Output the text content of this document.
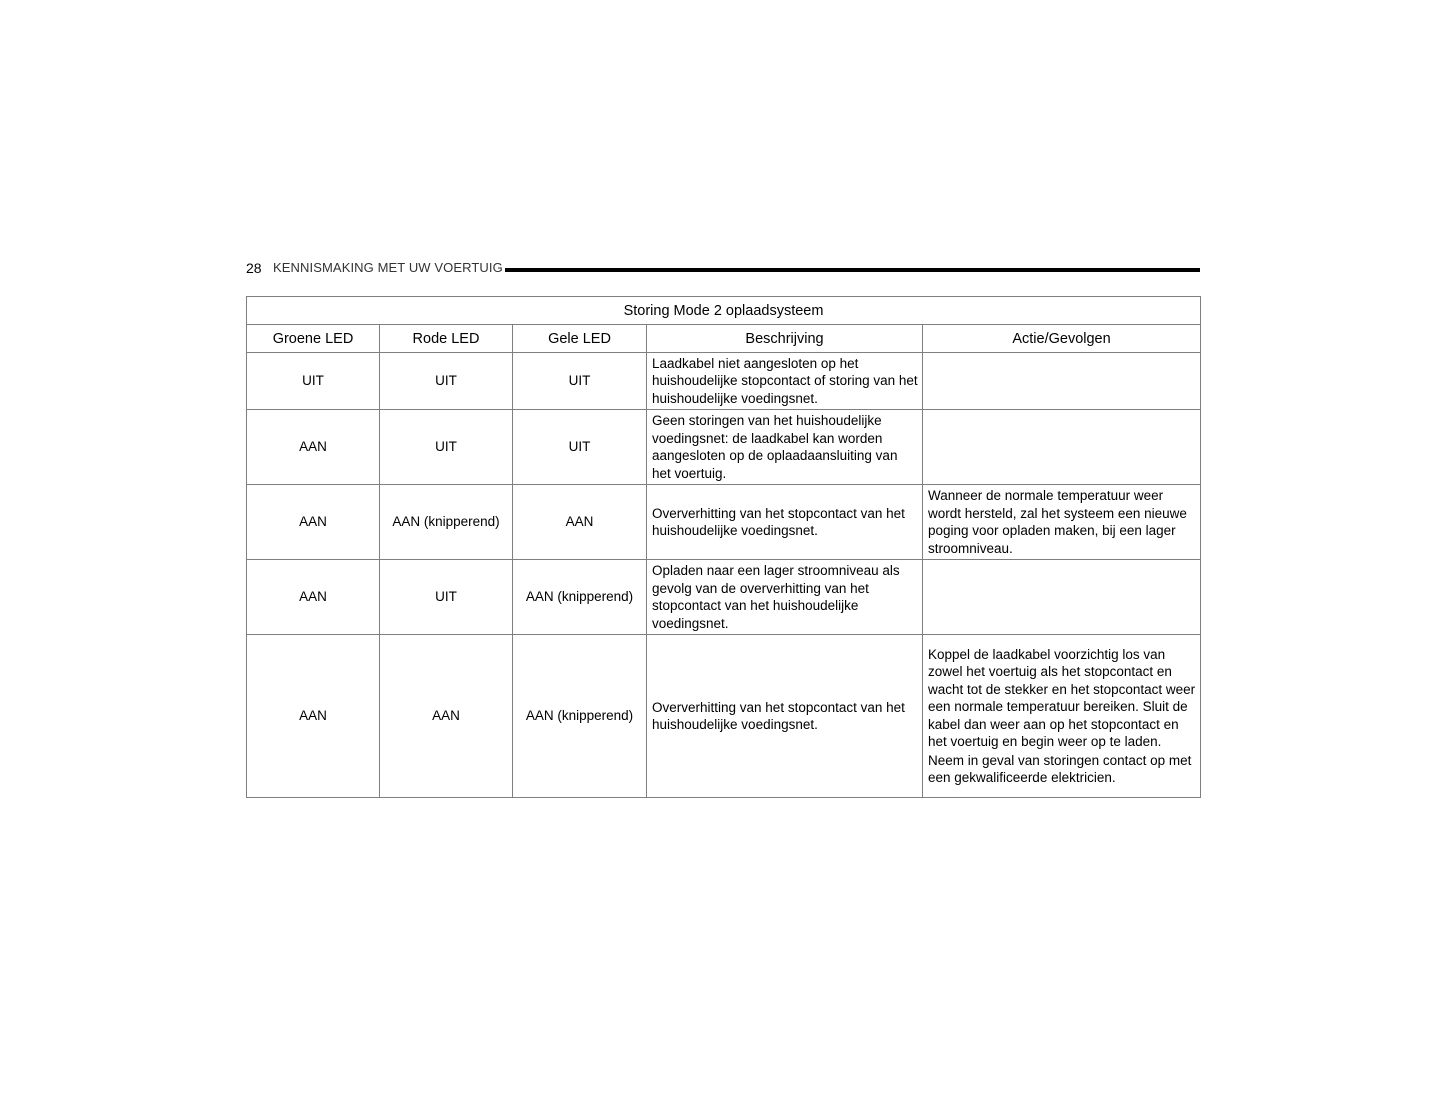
28 KENNISMAKING MET UW VOERTUIG
Storing Mode 2 oplaadsysteem				
Groene LED	Rode LED	Gele LED	Beschrijving	Actie/Gevolgen
UIT	UIT	UIT	Laadkabel niet aangesloten op het huishoudelijke stopcontact of storing van het huishoudelijke voedingsnet.	

AAN	UIT	UIT	Geen storingen van het huishoudelijke voedingsnet: de laadkabel kan worden aangesloten op de oplaadaansluiting van het voertuig.	

AAN	AAN (knipperend)	AAN	Oververhitting van het stopcontact van het huishoudelijke voedingsnet.	Wanneer de normale temperatuur weer wordt hersteld, zal het systeem een nieuwe poging voor opladen maken, bij een lager stroomniveau.

AAN	UIT	AAN (knipperend)	Opladen naar een lager stroomniveau als gevolg van de oververhitting van het stopcontact van het huishoudelijke voedingsnet.	

AAN	AAN	AAN (knipperend)	Oververhitting van het stopcontact van het huishoudelijke voedingsnet.	Koppel de laadkabel voorzichtig los van zowel het voertuig als het stopcontact en wacht tot de stekker en het stopcontact weer een normale temperatuur bereiken. Sluit de kabel dan weer aan op het stopcontact en het voertuig en begin weer op te laden.
Neem in geval van storingen contact op met een gekwalificeerde elektricien.
